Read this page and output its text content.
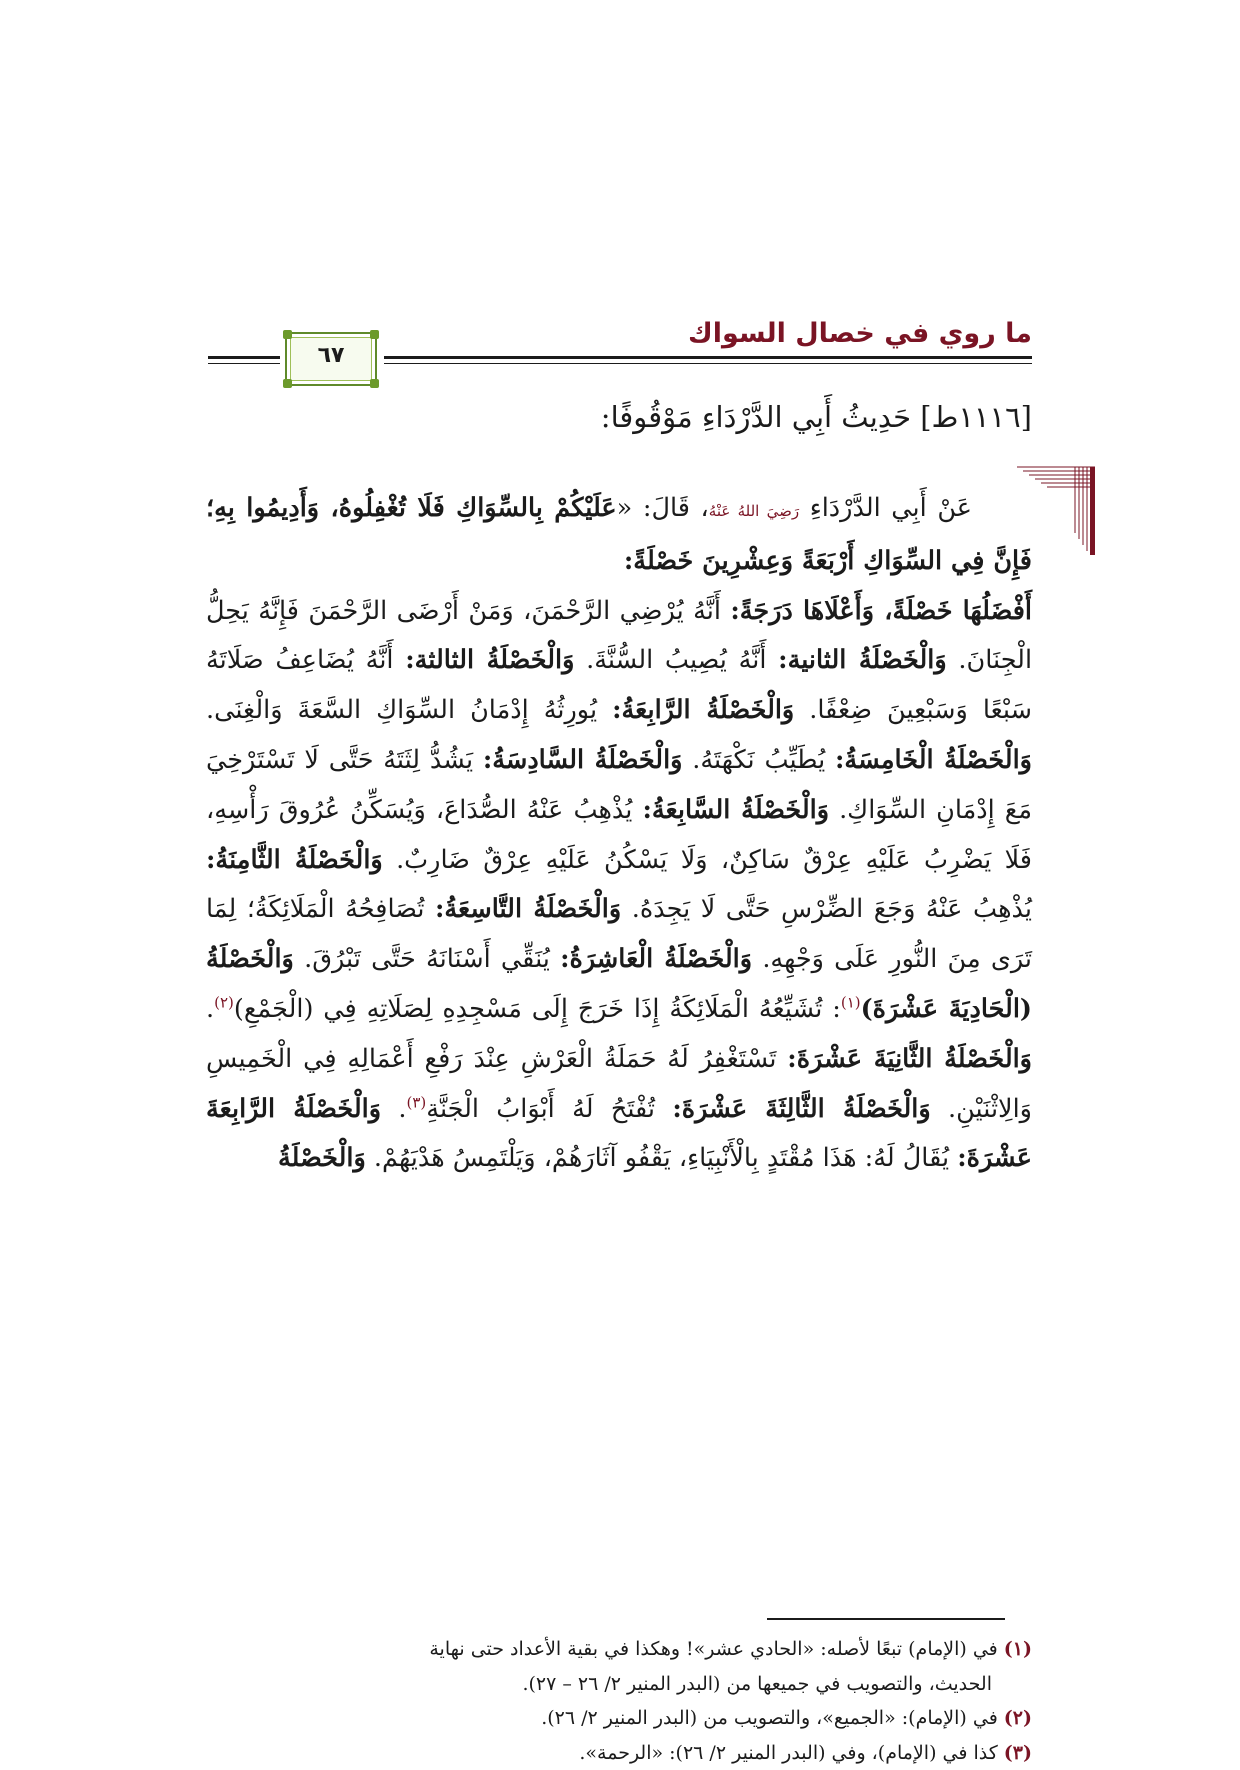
ما روي في خصال السواك
٦٧
[١١١٦ط] حَدِيثُ أَبِي الدَّرْدَاءِ مَوْقُوفًا:
عَنْ أَبِي الدَّرْدَاءِ رَضِيَ اللهُ عَنْهُ، قَالَ: «عَلَيْكُمْ بِالسِّوَاكِ فَلَا تُغْفِلُوهُ، وَأَدِيمُوا بِهِ؛ فَإِنَّ فِي السِّوَاكِ أَرْبَعَةً وَعِشْرِينَ خَصْلَةً:
أَفْضَلُهَا خَصْلَةً، وَأَعْلَاهَا دَرَجَةً: أَنَّهُ يُرْضِي الرَّحْمَنَ، وَمَنْ أَرْضَى الرَّحْمَنَ فَإِنَّهُ يَحِلُّ الْجِنَانَ. وَالْخَصْلَةُ الثانية: أَنَّهُ يُصِيبُ السُّنَّةَ. وَالْخَصْلَةُ الثالثة: أَنَّهُ يُضَاعِفُ صَلَاتَهُ سَبْعًا وَسَبْعِينَ ضِعْفًا. وَالْخَصْلَةُ الرَّابِعَةُ: يُورِثُهُ إِدْمَانُ السِّوَاكِ السَّعَةَ وَالْغِنَى. وَالْخَصْلَةُ الْخَامِسَةُ: يُطَيِّبُ نَكْهَتَهُ. وَالْخَصْلَةُ السَّادِسَةُ: يَشُدُّ لِثَتَهُ حَتَّى لَا تَسْتَرْخِيَ مَعَ إِدْمَانِ السِّوَاكِ. وَالْخَصْلَةُ السَّابِعَةُ: يُذْهِبُ عَنْهُ الصُّدَاعَ، وَيُسَكِّنُ عُرُوقَ رَأْسِهِ، فَلَا يَضْرِبُ عَلَيْهِ عِرْقٌ سَاكِنٌ، وَلَا يَسْكُنُ عَلَيْهِ عِرْقٌ ضَارِبٌ. وَالْخَصْلَةُ الثَّامِنَةُ: يُذْهِبُ عَنْهُ وَجَعَ الضِّرْسِ حَتَّى لَا يَجِدَهُ. وَالْخَصْلَةُ التَّاسِعَةُ: تُصَافِحُهُ الْمَلَائِكَةُ؛ لِمَا تَرَى مِنَ النُّورِ عَلَى وَجْهِهِ. وَالْخَصْلَةُ الْعَاشِرَةُ: يُنَقِّي أَسْنَانَهُ حَتَّى تَبْرُقَ. وَالْخَصْلَةُ (الْحَادِيَةَ عَشْرَةَ)$^{(١)}$: تُشَيِّعُهُ الْمَلَائِكَةُ إِذَا خَرَجَ إِلَى مَسْجِدِهِ لِصَلَاتِهِ فِي (الْجَمْعِ)$^{(٢)}$. وَالْخَصْلَةُ الثَّانِيَةَ عَشْرَةَ: تَسْتَغْفِرُ لَهُ حَمَلَةُ الْعَرْشِ عِنْدَ رَفْعِ أَعْمَالِهِ فِي الْخَمِيسِ وَالِاثْنَيْنِ. وَالْخَصْلَةُ الثَّالِثَةَ عَشْرَةَ: تُفْتَحُ لَهُ أَبْوَابُ الْجَنَّةِ$^{(٣)}$. وَالْخَصْلَةُ الرَّابِعَةَ عَشْرَةَ: يُقَالُ لَهُ: هَذَا مُقْتَدٍ بِالْأَنْبِيَاءِ، يَقْفُو آثَارَهُمْ، وَيَلْتَمِسُ هَدْيَهُمْ. وَالْخَصْلَةُ

(١)في (الإمام) تبعًا لأصله: «الحادي عشر»! وهكذا في بقية الأعداد حتى نهاية

الحديث، والتصويب في جميعها من (البدر المنير ٢/ ٢٦ – ٢٧).

(٢)في (الإمام): «الجميع»، والتصويب من (البدر المنير ٢/ ٢٦).

(٣)كذا في (الإمام)، وفي (البدر المنير ٢/ ٢٦): «الرحمة».
